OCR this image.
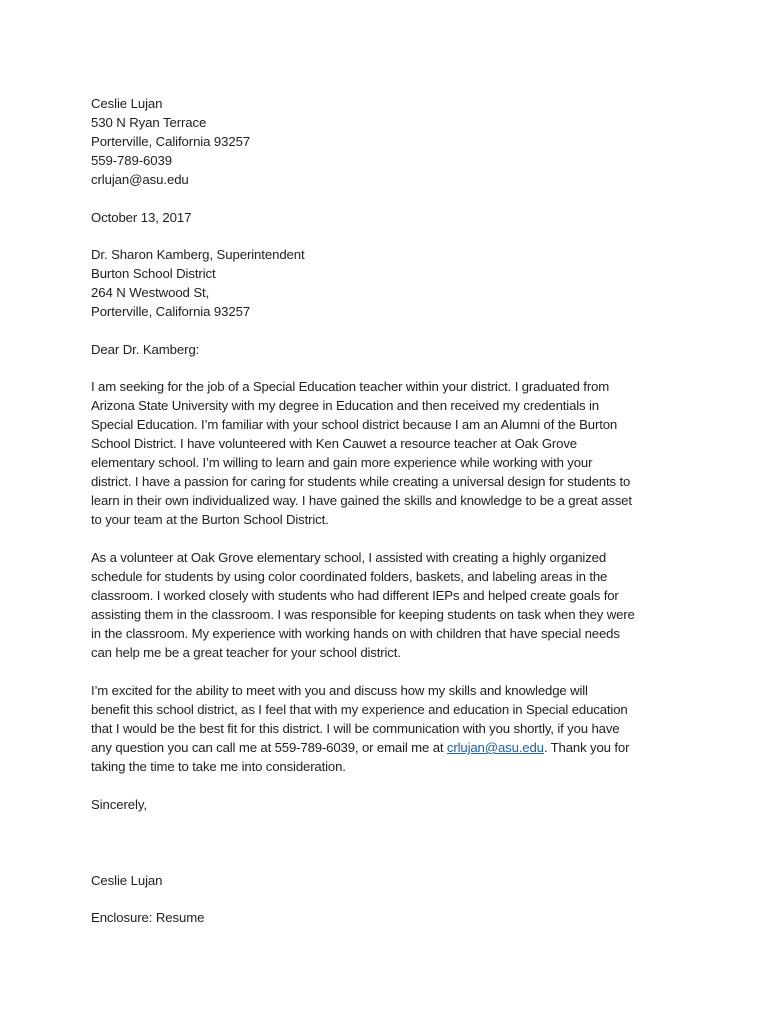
Ceslie Lujan
530 N Ryan Terrace
Porterville, California 93257
559-789-6039
crlujan@asu.edu
October 13, 2017
Dr. Sharon Kamberg, Superintendent
Burton School District
264 N Westwood St,
Porterville, California 93257
Dear Dr. Kamberg:
I am seeking for the job of a Special Education teacher within your district. I graduated from
Arizona State University with my degree in Education and then received my credentials in
Special Education. I’m familiar with your school district because I am an Alumni of the Burton
School District. I have volunteered with Ken Cauwet a resource teacher at Oak Grove
elementary school. I’m willing to learn and gain more experience while working with your
district. I have a passion for caring for students while creating a universal design for students to
learn in their own individualized way. I have gained the skills and knowledge to be a great asset
to your team at the Burton School District.
As a volunteer at Oak Grove elementary school, I assisted with creating a highly organized
schedule for students by using color coordinated folders, baskets, and labeling areas in the
classroom. I worked closely with students who had different IEPs and helped create goals for
assisting them in the classroom. I was responsible for keeping students on task when they were
in the classroom. My experience with working hands on with children that have special needs
can help me be a great teacher for your school district.
I’m excited for the ability to meet with you and discuss how my skills and knowledge will
benefit this school district, as I feel that with my experience and education in Special education
that I would be the best fit for this district. I will be communication with you shortly, if you have
any question you can call me at 559-789-6039, or email me at crlujan@asu.edu. Thank you for
taking the time to take me into consideration.
Sincerely,
Ceslie Lujan
Enclosure: Resume
